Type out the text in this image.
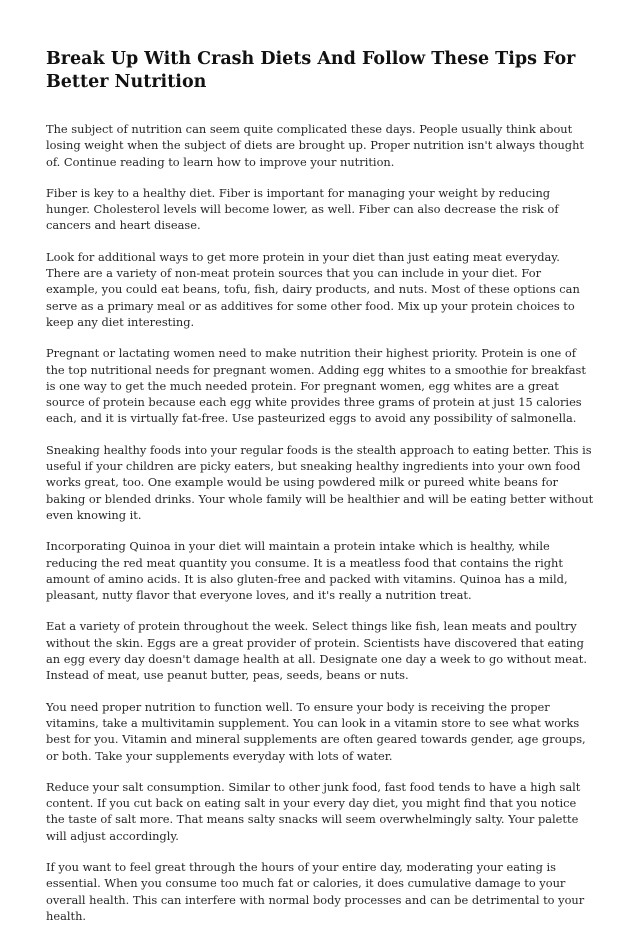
Break Up With Crash Diets And Follow These Tips For Better Nutrition

The subject of nutrition can seem quite complicated these days. People usually think about losing weight when the subject of diets are brought up. Proper nutrition isn't always thought of. Continue reading to learn how to improve your nutrition.

Fiber is key to a healthy diet. Fiber is important for managing your weight by reducing hunger. Cholesterol levels will become lower, as well. Fiber can also decrease the risk of cancers and heart disease.

Look for additional ways to get more protein in your diet than just eating meat everyday. There are a variety of non-meat protein sources that you can include in your diet. For example, you could eat beans, tofu, fish, dairy products, and nuts. Most of these options can serve as a primary meal or as additives for some other food. Mix up your protein choices to keep any diet interesting.

Pregnant or lactating women need to make nutrition their highest priority. Protein is one of the top nutritional needs for pregnant women. Adding egg whites to a smoothie for breakfast is one way to get the much needed protein. For pregnant women, egg whites are a great source of protein because each egg white provides three grams of protein at just 15 calories each, and it is virtually fat-free. Use pasteurized eggs to avoid any possibility of salmonella.

Sneaking healthy foods into your regular foods is the stealth approach to eating better. This is useful if your children are picky eaters, but sneaking healthy ingredients into your own food works great, too. One example would be using powdered milk or pureed white beans for baking or blended drinks. Your whole family will be healthier and will be eating better without even knowing it.

Incorporating Quinoa in your diet will maintain a protein intake which is healthy, while reducing the red meat quantity you consume. It is a meatless food that contains the right amount of amino acids. It is also gluten-free and packed with vitamins. Quinoa has a mild, pleasant, nutty flavor that everyone loves, and it's really a nutrition treat.

Eat a variety of protein throughout the week. Select things like fish, lean meats and poultry without the skin. Eggs are a great provider of protein. Scientists have discovered that eating an egg every day doesn't damage health at all. Designate one day a week to go without meat. Instead of meat, use peanut butter, peas, seeds, beans or nuts.

You need proper nutrition to function well. To ensure your body is receiving the proper vitamins, take a multivitamin supplement. You can look in a vitamin store to see what works best for you. Vitamin and mineral supplements are often geared towards gender, age groups, or both. Take your supplements everyday with lots of water.

Reduce your salt consumption. Similar to other junk food, fast food tends to have a high salt content. If you cut back on eating salt in your every day diet, you might find that you notice the taste of salt more. That means salty snacks will seem overwhelmingly salty. Your palette will adjust accordingly.

If you want to feel great through the hours of your entire day, moderating your eating is essential. When you consume too much fat or calories, it does cumulative damage to your overall health. This can interfere with normal body processes and can be detrimental to your health.
